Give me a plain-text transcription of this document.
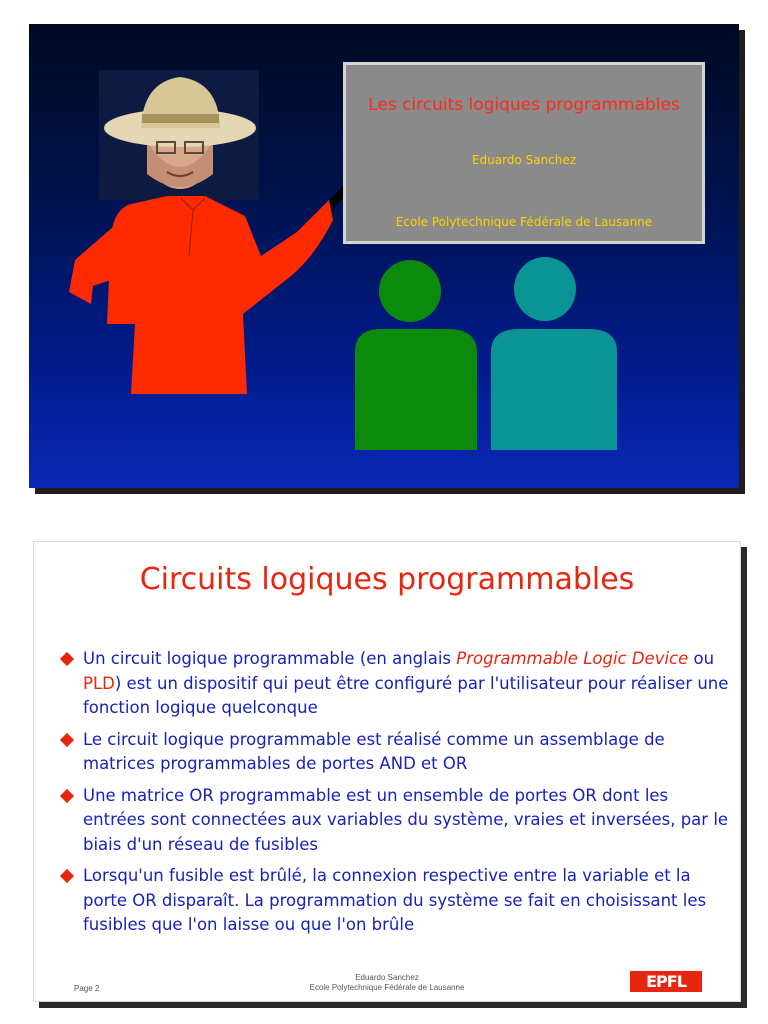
Les circuits logiques programmables
Eduardo Sanchez
Ecole Polytechnique Fédérale de Lausanne
Circuits logiques programmables
Un circuit logique programmable (en anglais Programmable Logic Device ou PLD) est un dispositif qui peut être configuré par l'utilisateur pour réaliser une fonction logique quelconque
Le circuit logique programmable est réalisé comme un assemblage de matrices programmables de portes AND et OR
Une matrice OR programmable est un ensemble de portes OR dont les entrées sont connectées aux variables du système, vraies et inversées, par le biais d'un réseau de fusibles
Lorsqu'un fusible est brûlé, la connexion respective entre la variable et la porte OR disparaît. La programmation du système se fait en choisissant les fusibles que l'on laisse ou que l'on brûle
Page 2
Eduardo Sanchez
Ecole Polytechnique Fédérale de Lausanne	EPFL
